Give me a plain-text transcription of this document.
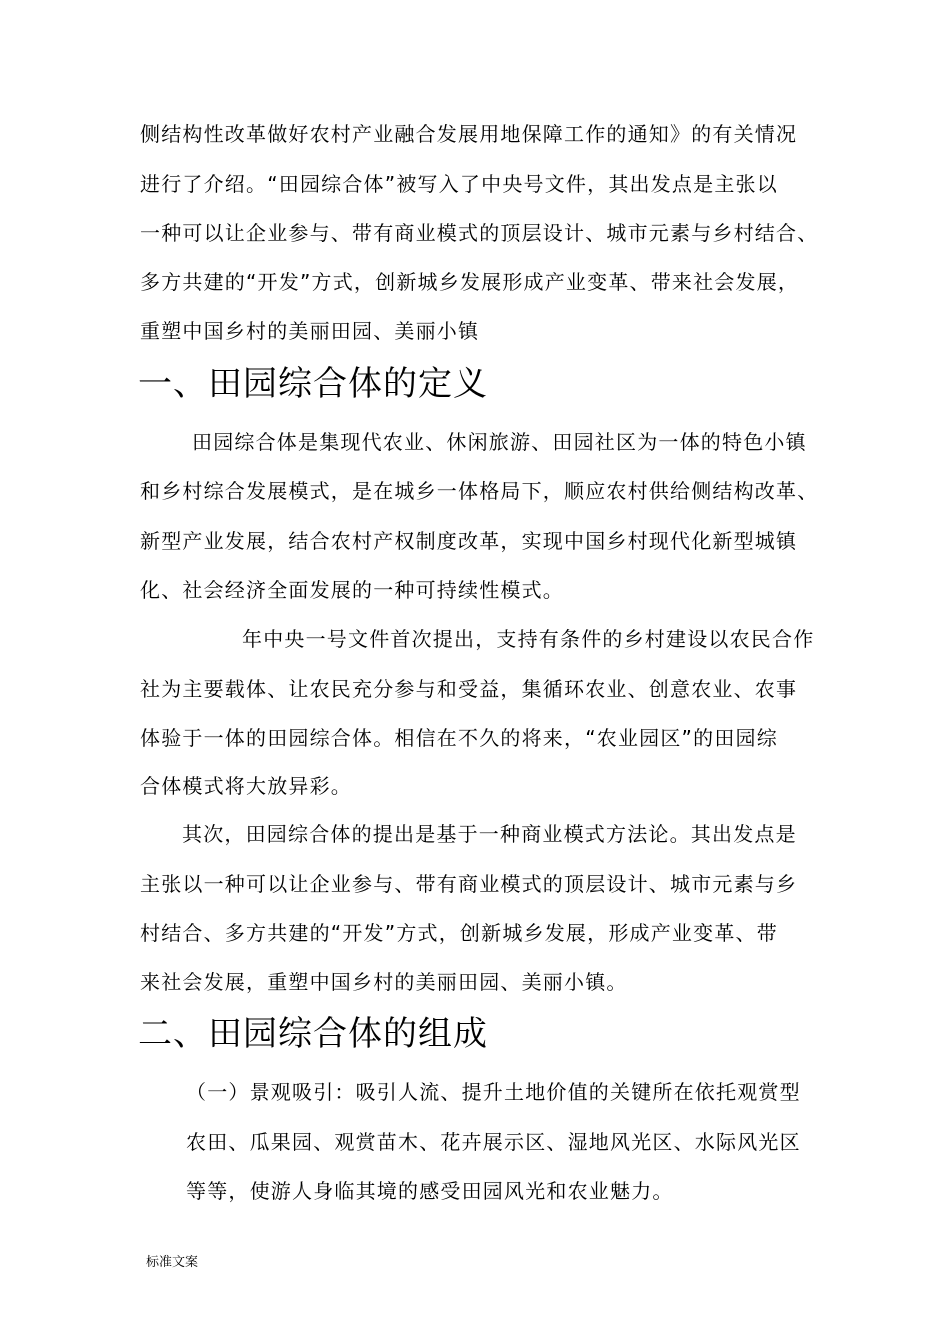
侧结构性改革做好农村产业融合发展用地保障工作的通知》的有关情况
进行了介绍。“田园综合体”被写入了中央号文件，其出发点是主张以
一种可以让企业参与、带有商业模式的顶层设计、城市元素与乡村结合、
多方共建的“开发”方式，创新城乡发展形成产业变革、带来社会发展，
重塑中国乡村的美丽田园、美丽小镇
一、田园综合体的定义
田园综合体是集现代农业、休闲旅游、田园社区为一体的特色小镇
和乡村综合发展模式，是在城乡一体格局下，顺应农村供给侧结构改革、
新型产业发展，结合农村产权制度改革，实现中国乡村现代化新型城镇
化、社会经济全面发展的一种可持续性模式。
年中央一号文件首次提出，支持有条件的乡村建设以农民合作
社为主要载体、让农民充分参与和受益，集循环农业、创意农业、农事
体验于一体的田园综合体。相信在不久的将来，“农业园区”的田园综
合体模式将大放异彩。
其次，田园综合体的提出是基于一种商业模式方法论。其出发点是
主张以一种可以让企业参与、带有商业模式的顶层设计、城市元素与乡
村结合、多方共建的“开发”方式，创新城乡发展，形成产业变革、带
来社会发展，重塑中国乡村的美丽田园、美丽小镇。
二、田园综合体的组成
（一）景观吸引：吸引人流、提升土地价值的关键所在依托观赏型
农田、瓜果园、观赏苗木、花卉展示区、湿地风光区、水际风光区
等等，使游人身临其境的感受田园风光和农业魅力。
标准文案
